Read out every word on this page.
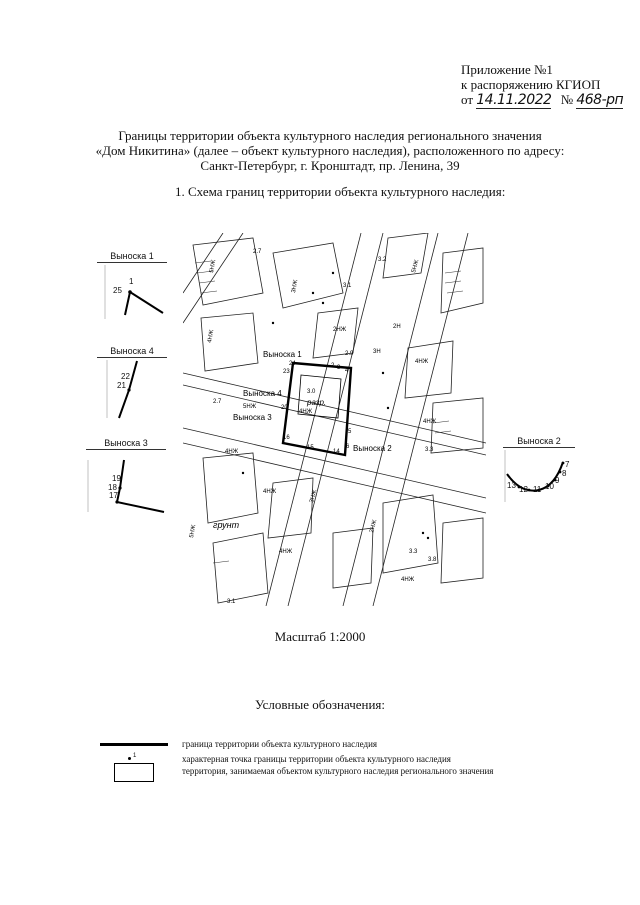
Приложение №1
к распоряжению КГИОП
от 14.11.2022 № 468-рп
Границы территории объекта культурного наследия регионального значения
«Дом Никитина» (далее – объект культурного наследия), расположенного по адресу:
Санкт-Петербург, г. Кронштадт, пр. Ленина, 39
1. Схема границ территории объекта культурного наследия:
Выноска 1
1
25
Выноска 4
22
21
Выноска 3
19
18
17
Выноска 2
7
8
9
10
11
12
13
разр.
Выноска 1
Выноска 4
Выноска 3
Выноска 2
2 3 4
5
6
14
15
16
20
23
24
грунт
5НЖ
4НЖ
3НЖ
2НЖ
4НЖ
5НЖ
4НЖ
3Н
2Н
4НЖ
4НЖ
5НЖ
4НЖ	3НЖ
2НЖ
4НЖ
5НЖ
4НЖ
3.2
2.7
3.1
2.9
3.0
3.3
3.8
3.3
2.7
3.1
Масштаб 1:2000
Условные обозначения:
граница территории объекта культурного наследия
1	характерная точка границы территории объекта культурного наследия
территория, занимаемая объектом культурного наследия регионального значения
